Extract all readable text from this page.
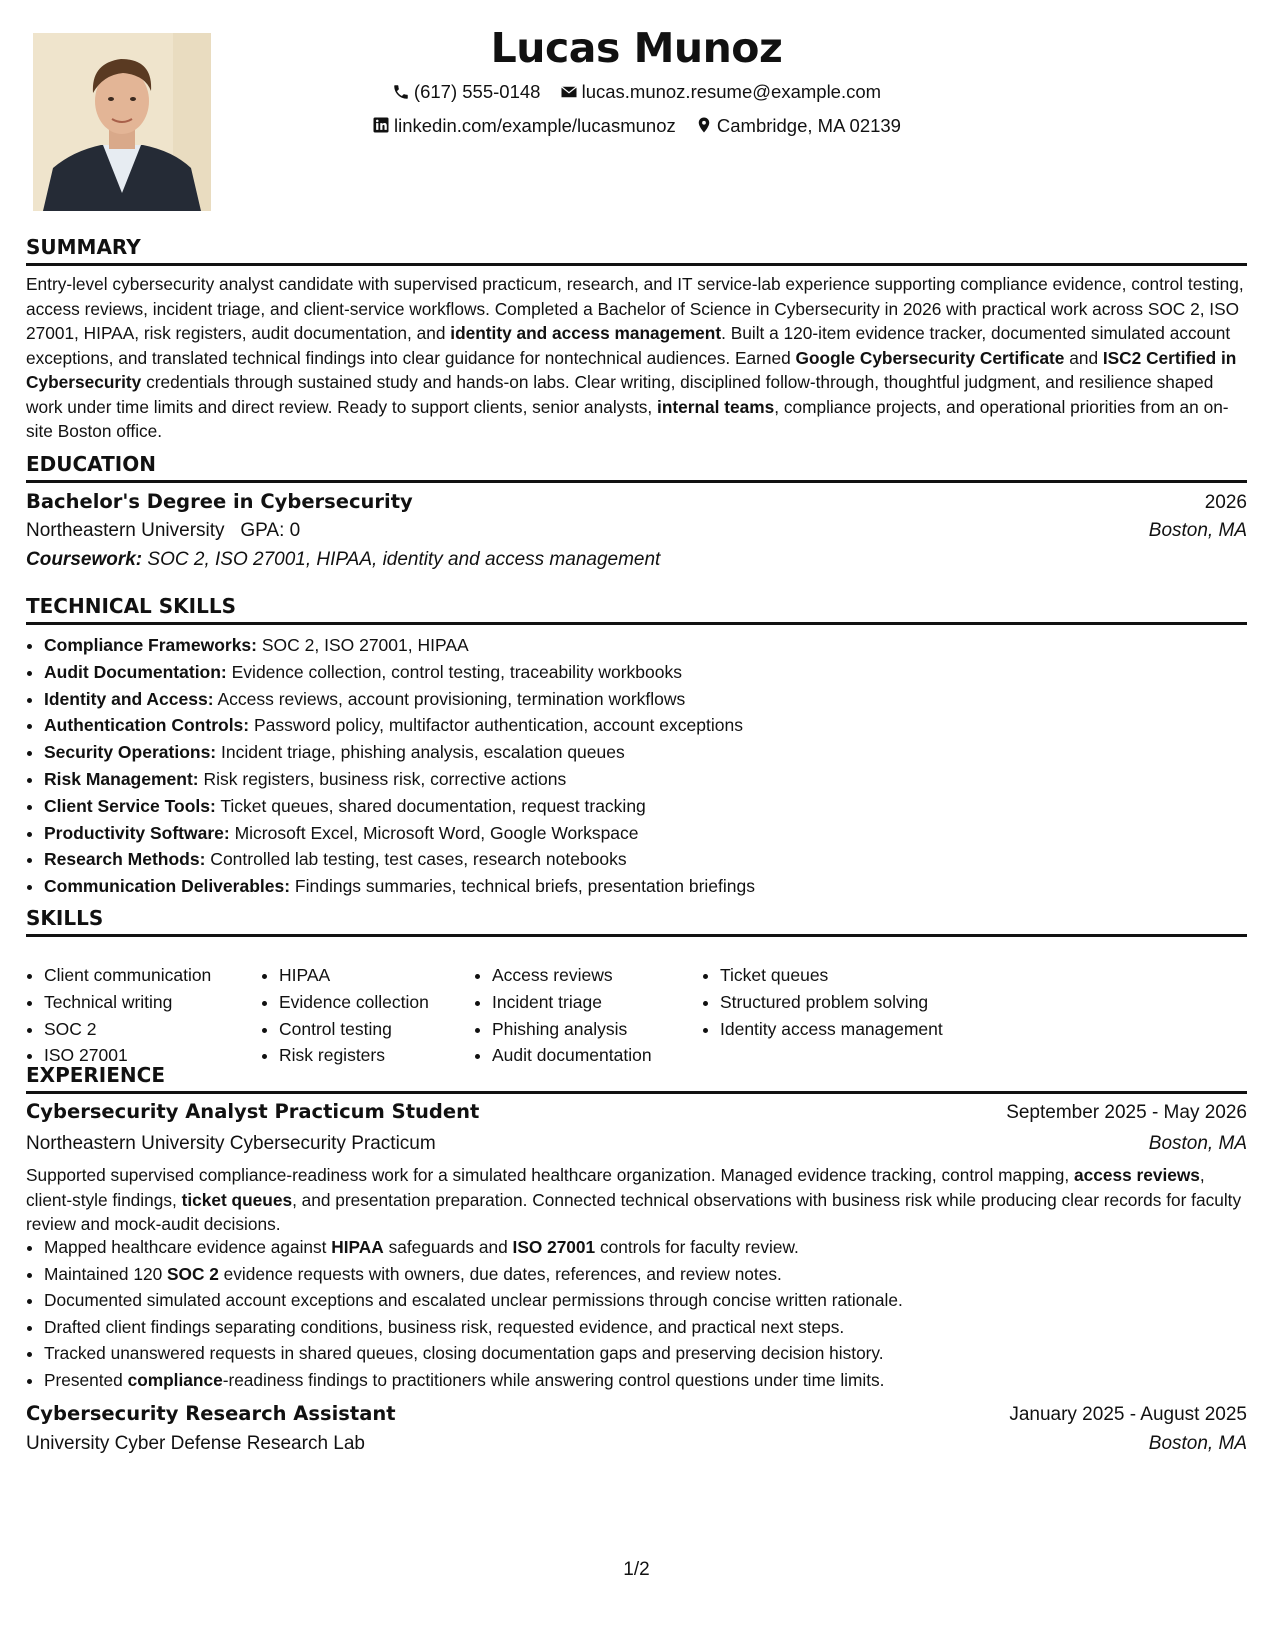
Lucas Munoz
(617) 555-0148
lucas.munoz.resume@example.com
linkedin.com/example/lucasmunoz
Cambridge, MA 02139
SUMMARY

Entry-level cybersecurity analyst candidate with supervised practicum, research, and IT service-lab experience supporting compliance evidence, control testing, access reviews, incident triage, and client-service workflows. Completed a Bachelor of Science in Cybersecurity in 2026 with practical work across SOC 2, ISO 27001, HIPAA, risk registers, audit documentation, and identity and access management. Built a 120-item evidence tracker, documented simulated account exceptions, and translated technical findings into clear guidance for nontechnical audiences. Earned Google Cybersecurity Certificate and ISC2 Certified in Cybersecurity credentials through sustained study and hands-on labs. Clear writing, disciplined follow-through, thoughtful judgment, and resilience shaped work under time limits and direct review. Ready to support clients, senior analysts, internal teams, compliance projects, and operational priorities from an on-site Boston office.

EDUCATION
Bachelor's Degree in Cybersecurity	2026
Northeastern University GPA: 0	Boston, MA
Coursework: SOC 2, ISO 27001, HIPAA, identity and access management
TECHNICAL SKILLS
• Compliance Frameworks: SOC 2, ISO 27001, HIPAA
• Audit Documentation: Evidence collection, control testing, traceability workbooks
• Identity and Access: Access reviews, account provisioning, termination workflows
• Authentication Controls: Password policy, multifactor authentication, account exceptions
• Security Operations: Incident triage, phishing analysis, escalation queues
• Risk Management: Risk registers, business risk, corrective actions
• Client Service Tools: Ticket queues, shared documentation, request tracking
• Productivity Software: Microsoft Excel, Microsoft Word, Google Workspace
• Research Methods: Controlled lab testing, test cases, research notebooks
• Communication Deliverables: Findings summaries, technical briefs, presentation briefings
SKILLS
• Client communication
• Technical writing
• SOC 2
• ISO 27001
• HIPAA
• Evidence collection
• Control testing
• Risk registers
• Access reviews
• Incident triage
• Phishing analysis
• Audit documentation
• Ticket queues
• Structured problem solving
• Identity access management
EXPERIENCE
Cybersecurity Analyst Practicum Student	September 2025 - May 2026
Northeastern University Cybersecurity Practicum	Boston, MA

Supported supervised compliance-readiness work for a simulated healthcare organization. Managed evidence tracking, control mapping, access reviews, client-style findings, ticket queues, and presentation preparation. Connected technical observations with business risk while producing clear records for faculty review and mock-audit decisions.

• Mapped healthcare evidence against HIPAA safeguards and ISO 27001 controls for faculty review.
• Maintained 120 SOC 2 evidence requests with owners, due dates, references, and review notes.
• Documented simulated account exceptions and escalated unclear permissions through concise written rationale.
• Drafted client findings separating conditions, business risk, requested evidence, and practical next steps.
• Tracked unanswered requests in shared queues, closing documentation gaps and preserving decision history.
• Presented compliance-readiness findings to practitioners while answering control questions under time limits.
Cybersecurity Research Assistant	January 2025 - August 2025
University Cyber Defense Research Lab	Boston, MA
1/2
